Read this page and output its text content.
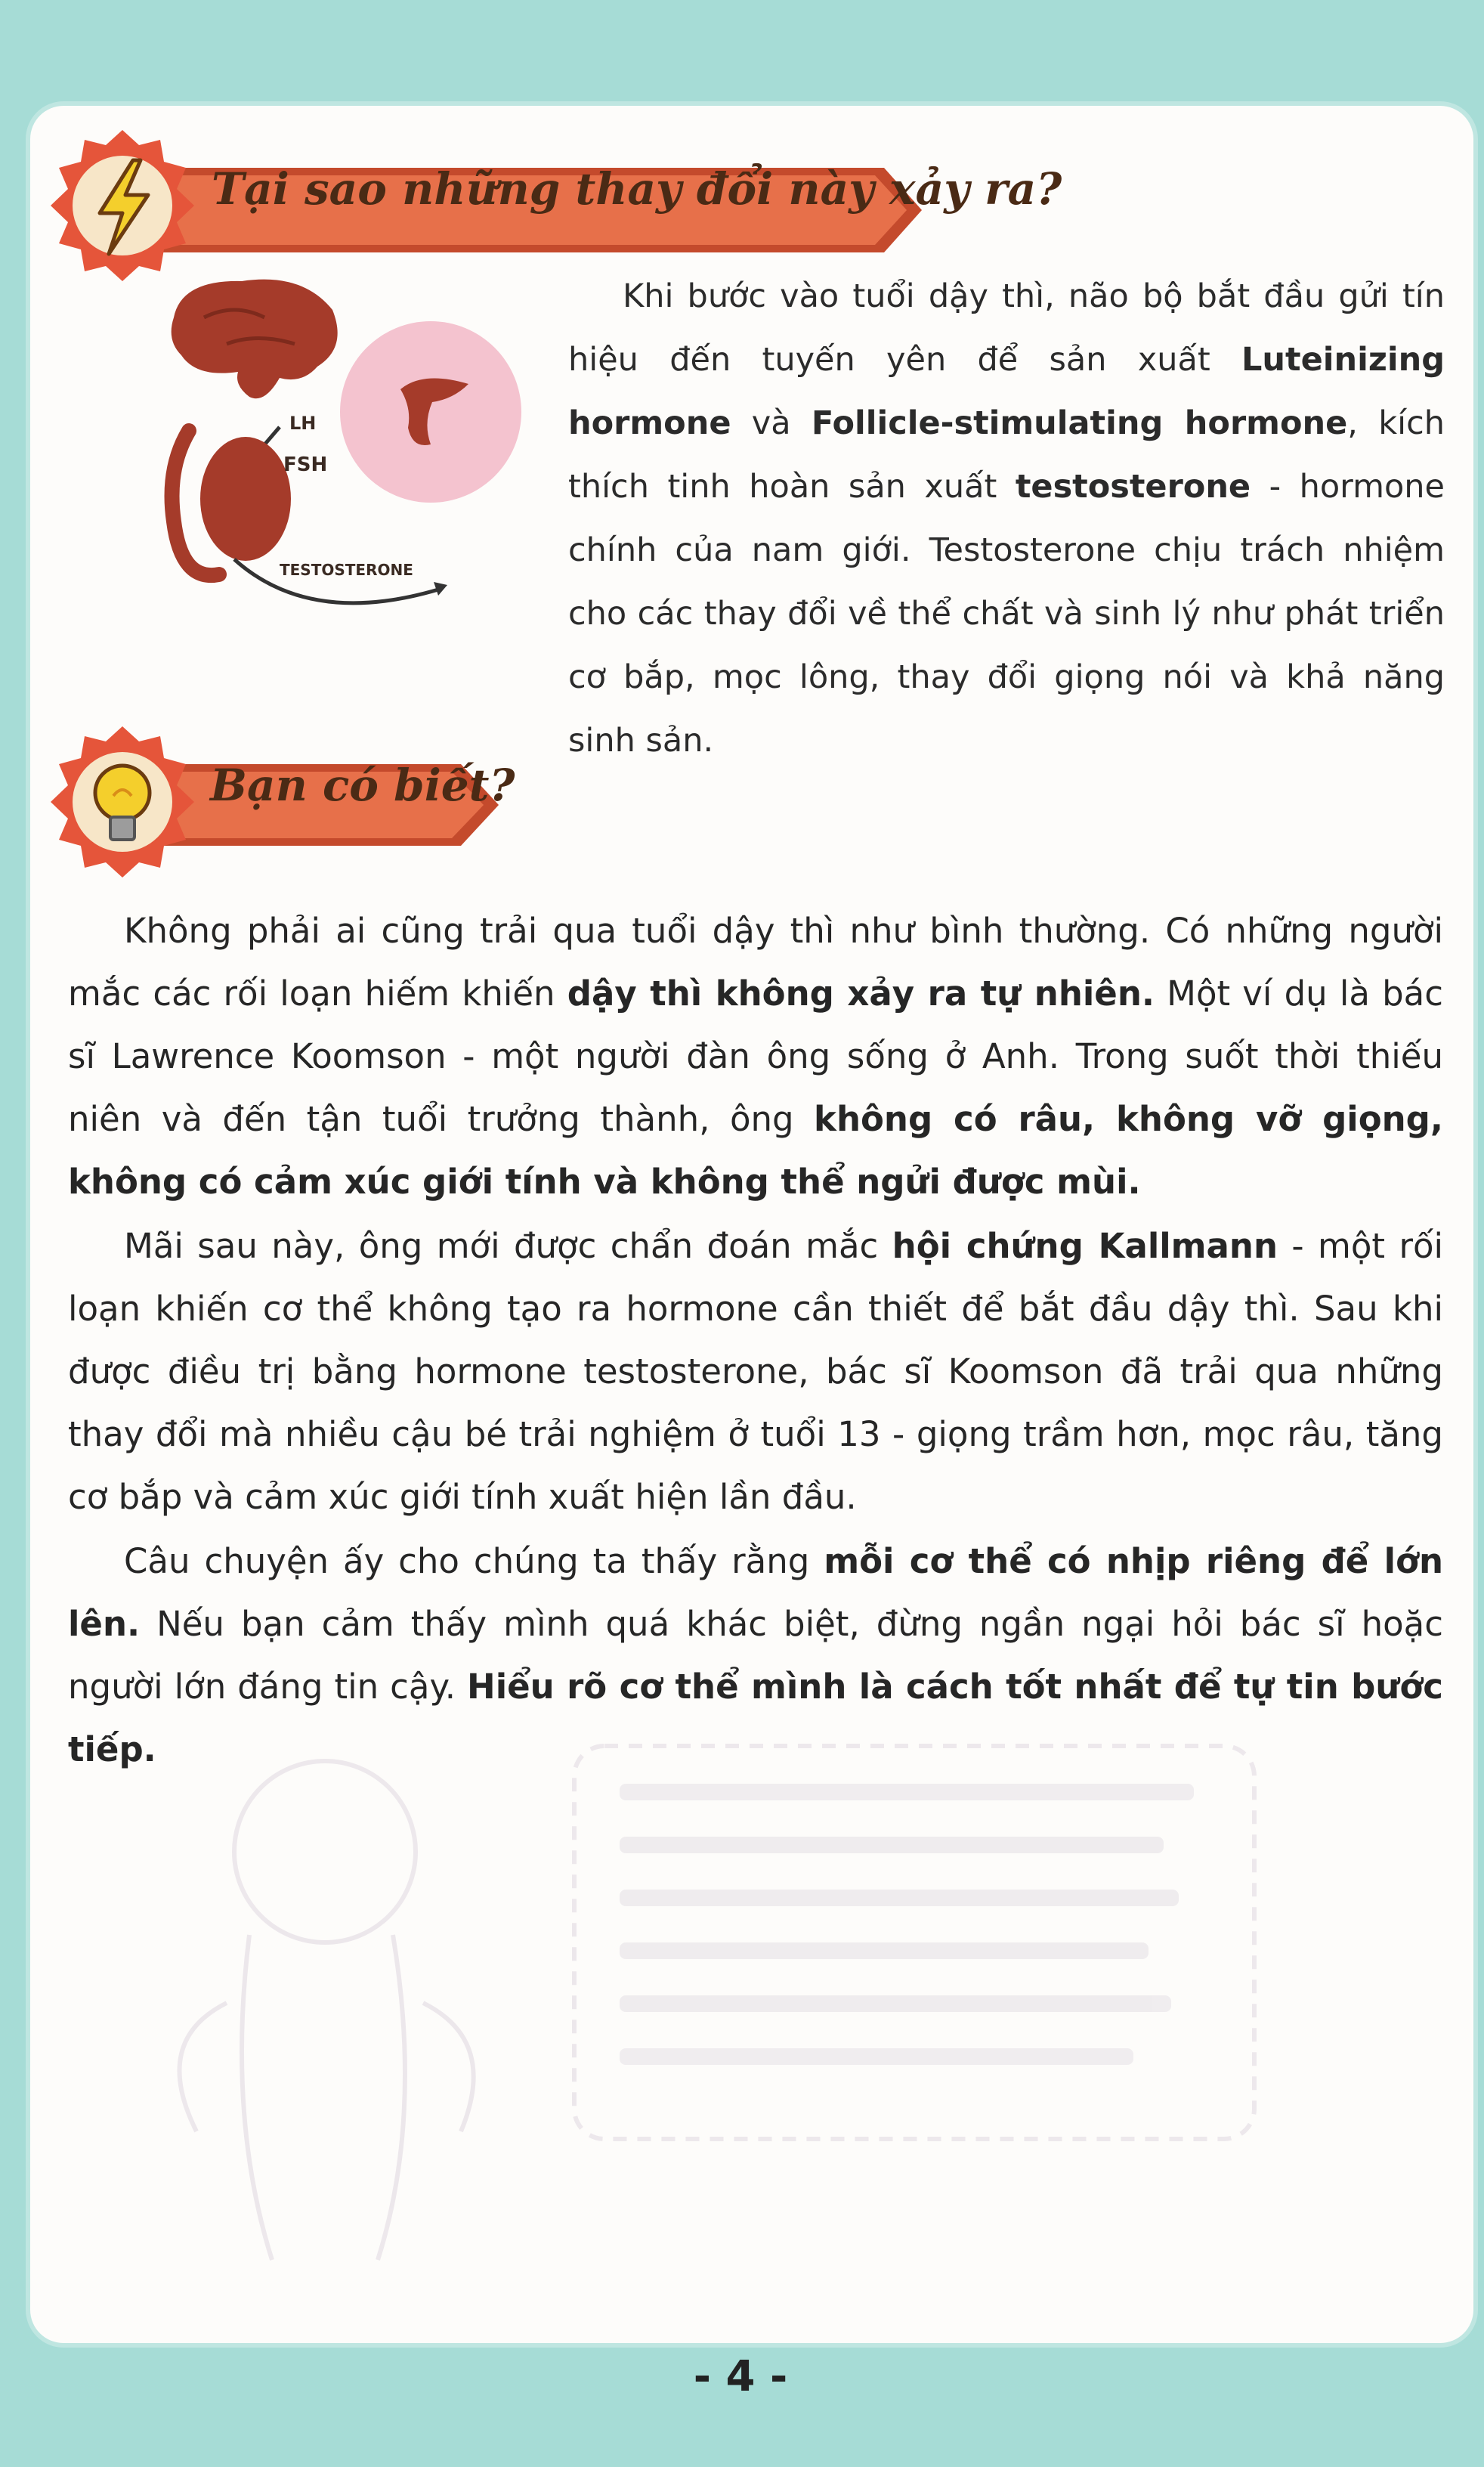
Tại sao những thay đổi này xảy ra?
LH
FSH
TESTOSTERONE
Khi bước vào tuổi dậy thì, não bộ bắt đầu gửi tín hiệu đến tuyến yên để sản xuất Luteinizing hormone và Follicle-stimulating hormone, kích thích tinh hoàn sản xuất testosterone - hormone chính của nam giới. Testosterone chịu trách nhiệm cho các thay đổi về thể chất và sinh lý như phát triển cơ bắp, mọc lông, thay đổi giọng nói và khả năng sinh sản.
Bạn có biết?

Không phải ai cũng trải qua tuổi dậy thì như bình thường. Có những người mắc các rối loạn hiếm khiến dậy thì không xảy ra tự nhiên. Một ví dụ là bác sĩ Lawrence Koomson - một người đàn ông sống ở Anh. Trong suốt thời thiếu niên và đến tận tuổi trưởng thành, ông không có râu, không vỡ giọng, không có cảm xúc giới tính và không thể ngửi được mùi.

Mãi sau này, ông mới được chẩn đoán mắc hội chứng Kallmann - một rối loạn khiến cơ thể không tạo ra hormone cần thiết để bắt đầu dậy thì. Sau khi được điều trị bằng hormone testosterone, bác sĩ Koomson đã trải qua những thay đổi mà nhiều cậu bé trải nghiệm ở tuổi 13 - giọng trầm hơn, mọc râu, tăng cơ bắp và cảm xúc giới tính xuất hiện lần đầu.

Câu chuyện ấy cho chúng ta thấy rằng mỗi cơ thể có nhịp riêng để lớn lên. Nếu bạn cảm thấy mình quá khác biệt, đừng ngần ngại hỏi bác sĩ hoặc người lớn đáng tin cậy. Hiểu rõ cơ thể mình là cách tốt nhất để tự tin bước tiếp.

- 4 -
